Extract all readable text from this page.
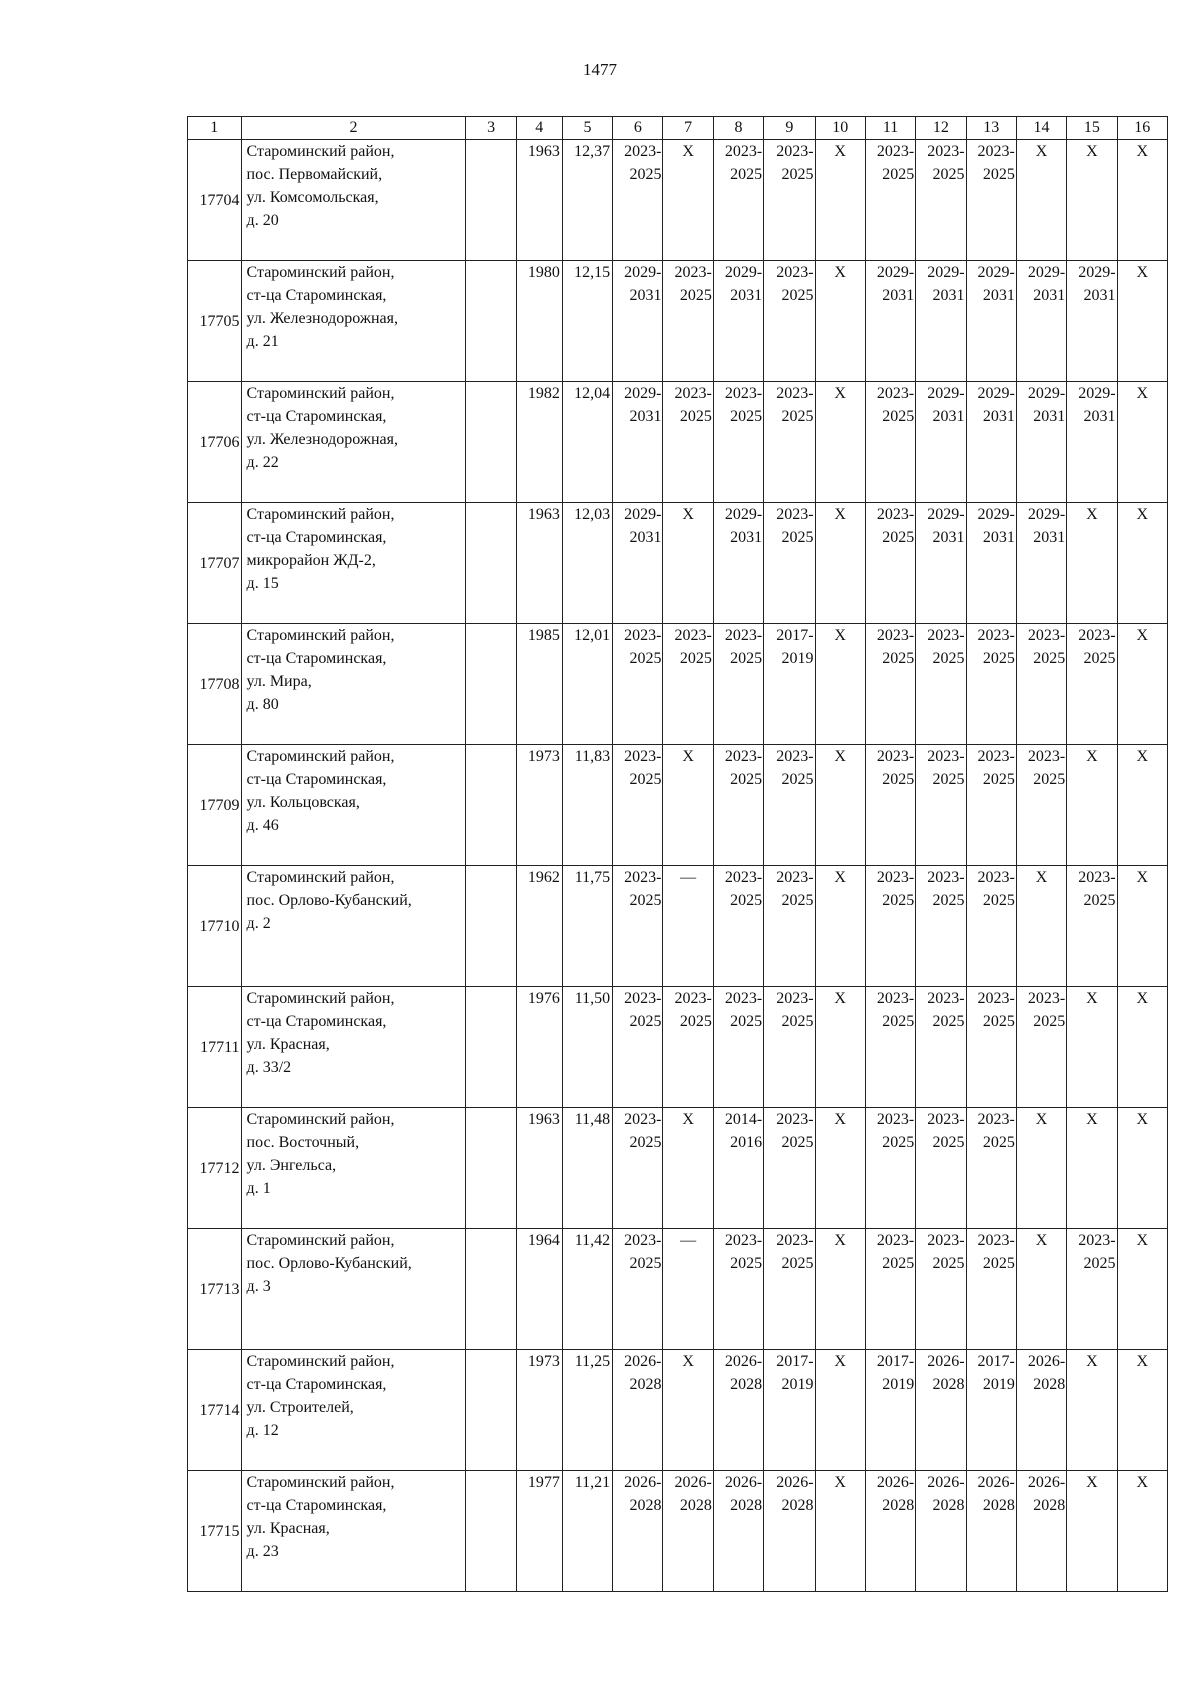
1477
1	2	3	4	5	6	7	8	9	10	11	12	13	14	15	16
17704	Староминский район,
пос. Первомайский,
ул. Комсомольская,
д. 20		1963	12,37	2023-
2025	X	2023-
2025	2023-
2025	X	2023-
2025	2023-
2025	2023-
2025	X	X	X
17705	Староминский район,
ст-ца Староминская,
ул. Железнодорожная,
д. 21		1980	12,15	2029-
2031	2023-
2025	2029-
2031	2023-
2025	X	2029-
2031	2029-
2031	2029-
2031	2029-
2031	2029-
2031	X
17706	Староминский район,
ст-ца Староминская,
ул. Железнодорожная,
д. 22		1982	12,04	2029-
2031	2023-
2025	2023-
2025	2023-
2025	X	2023-
2025	2029-
2031	2029-
2031	2029-
2031	2029-
2031	X
17707	Староминский район,
ст-ца Староминская,
микрорайон ЖД-2,
д. 15		1963	12,03	2029-
2031	X	2029-
2031	2023-
2025	X	2023-
2025	2029-
2031	2029-
2031	2029-
2031	X	X
17708	Староминский район,
ст-ца Староминская,
ул. Мира,
д. 80		1985	12,01	2023-
2025	2023-
2025	2023-
2025	2017-
2019	X	2023-
2025	2023-
2025	2023-
2025	2023-
2025	2023-
2025	X
17709	Староминский район,
ст-ца Староминская,
ул. Кольцовская,
д. 46		1973	11,83	2023-
2025	X	2023-
2025	2023-
2025	X	2023-
2025	2023-
2025	2023-
2025	2023-
2025	X	X
17710	Староминский район,
пос. Орлово-Кубанский,
д. 2		1962	11,75	2023-
2025	—	2023-
2025	2023-
2025	X	2023-
2025	2023-
2025	2023-
2025	X	2023-
2025	X
17711	Староминский район,
ст-ца Староминская,
ул. Красная,
д. 33/2		1976	11,50	2023-
2025	2023-
2025	2023-
2025	2023-
2025	X	2023-
2025	2023-
2025	2023-
2025	2023-
2025	X	X
17712	Староминский район,
пос. Восточный,
ул. Энгельса,
д. 1		1963	11,48	2023-
2025	X	2014-
2016	2023-
2025	X	2023-
2025	2023-
2025	2023-
2025	X	X	X
17713	Староминский район,
пос. Орлово-Кубанский,
д. 3		1964	11,42	2023-
2025	—	2023-
2025	2023-
2025	X	2023-
2025	2023-
2025	2023-
2025	X	2023-
2025	X
17714	Староминский район,
ст-ца Староминская,
ул. Строителей,
д. 12		1973	11,25	2026-
2028	X	2026-
2028	2017-
2019	X	2017-
2019	2026-
2028	2017-
2019	2026-
2028	X	X
17715	Староминский район,
ст-ца Староминская,
ул. Красная,
д. 23		1977	11,21	2026-
2028	2026-
2028	2026-
2028	2026-
2028	X	2026-
2028	2026-
2028	2026-
2028	2026-
2028	X	X
